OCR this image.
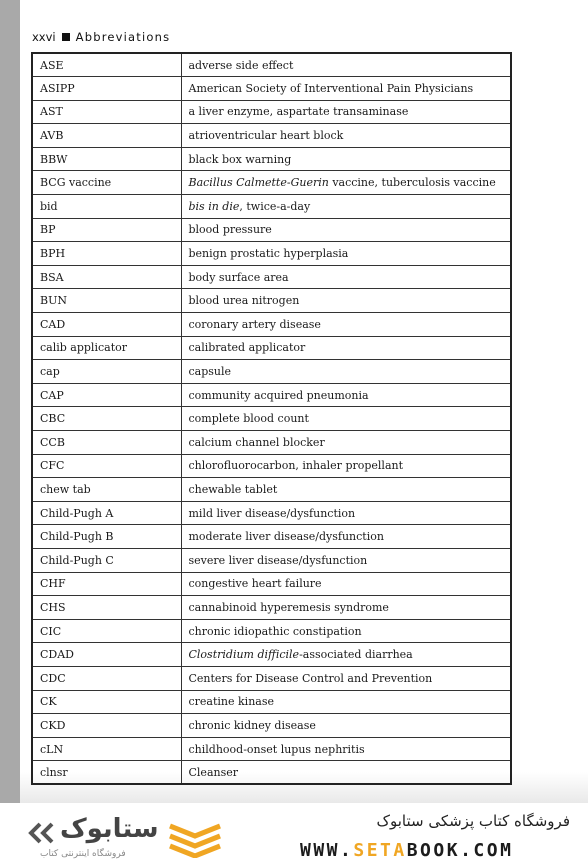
xxvi Abbreviations
ASE	adverse side effect
ASIPP	American Society of Interventional Pain Physicians
AST	a liver enzyme, aspartate transaminase
AVB	atrioventricular heart block
BBW	black box warning
BCG vaccine	Bacillus Calmette-Guerin vaccine, tuberculosis vaccine
bid	bis in die, twice-a-day
BP	blood pressure
BPH	benign prostatic hyperplasia
BSA	body surface area
BUN	blood urea nitrogen
CAD	coronary artery disease
calib applicator	calibrated applicator
cap	capsule
CAP	community acquired pneumonia
CBC	complete blood count
CCB	calcium channel blocker
CFC	chlorofluorocarbon, inhaler propellant
chew tab	chewable tablet
Child-Pugh A	mild liver disease/dysfunction
Child-Pugh B	moderate liver disease/dysfunction
Child-Pugh C	severe liver disease/dysfunction
CHF	congestive heart failure
CHS	cannabinoid hyperemesis syndrome
CIC	chronic idiopathic constipation
CDAD	Clostridium difficile-associated diarrhea
CDC	Centers for Disease Control and Prevention
CK	creatine kinase
CKD	chronic kidney disease
cLN	childhood-onset lupus nephritis
clnsr	Cleanser
ستابوک
فروشگاه اینترنتی کتاب
فروشگاه کتاب پزشکی ستابوک
WWW.SETABOOK.COM
